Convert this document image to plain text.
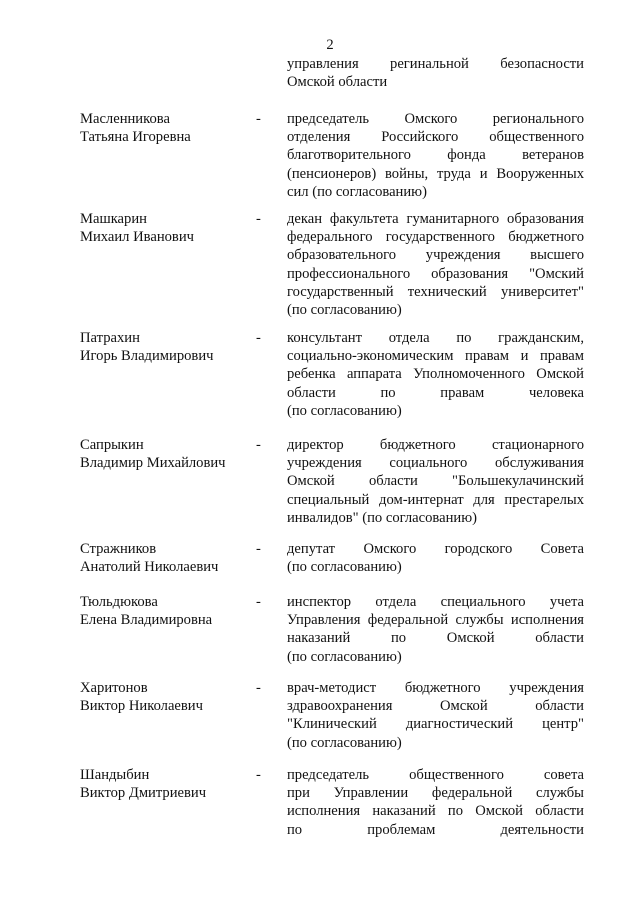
2
управления регинальной безопасности
Омской области
Масленникова
Татьяна Игоревна
- председатель Омского регионального
отделения Российского общественного
благотворительного фонда ветеранов
(пенсионеров) войны, труда и Вооруженных
сил (по согласованию)
Машкарин
Михаил Иванович
- декан факультета гуманитарного образования
федерального государственного бюджетного
образовательного учреждения высшего
профессионального образования "Омский
государственный технический университет"
(по согласованию)
Патрахин
Игорь Владимирович
- консультант отдела по гражданским,
социально-экономическим правам и правам
ребенка аппарата Уполномоченного Омской
области по правам человека
(по согласованию)
Сапрыкин
Владимир Михайлович
- директор бюджетного стационарного
учреждения социального обслуживания
Омской области "Большекулачинский
специальный дом-интернат для престарелых
инвалидов" (по согласованию)
Стражников
Анатолий Николаевич
- депутат Омского городского Совета
(по согласованию)
Тюльдюкова
Елена Владимировна
- инспектор отдела специального учета
Управления федеральной службы исполнения
наказаний по Омской области
(по согласованию)
Харитонов
Виктор Николаевич
- врач-методист бюджетного учреждения
здравоохранения Омской области
"Клинический диагностический центр"
(по согласованию)
Шандыбин
Виктор Дмитриевич
- председатель общественного совета
при Управлении федеральной службы
исполнения наказаний по Омской области
по проблемам деятельности
